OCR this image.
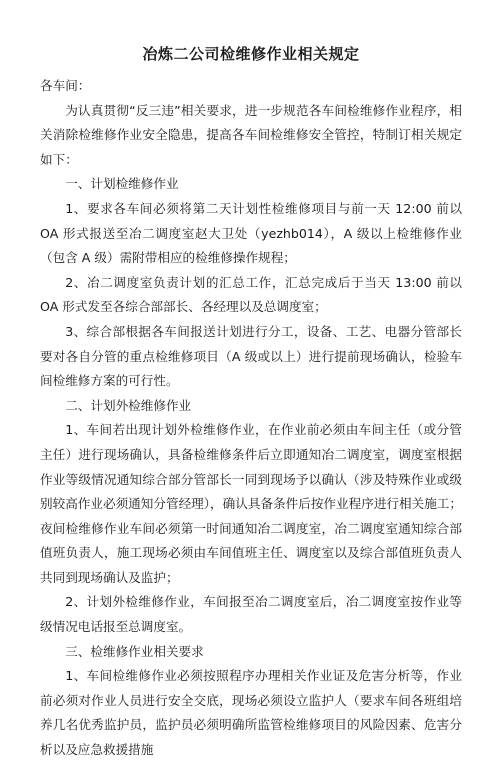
冶炼二公司检维修作业相关规定

各车间：

为认真贯彻“反三违”相关要求，进一步规范各车间检维修作业程序，相关消除检维修作业安全隐患，提高各车间检维修安全管控，特制订相关规定如下：

一、计划检维修作业

1、要求各车间必须将第二天计划性检维修项目与前一天 12:00 前以 OA 形式报送至冶二调度室赵大卫处（yezhb014），A 级以上检维修作业（包含 A 级）需附带相应的检维修操作规程；

2、冶二调度室负责计划的汇总工作，汇总完成后于当天 13:00 前以 OA 形式发至各综合部部长、各经理以及总调度室；

3、综合部根据各车间报送计划进行分工，设备、工艺、电器分管部长要对各自分管的重点检维修项目（A 级或以上）进行提前现场确认，检验车间检维修方案的可行性。

二、计划外检维修作业

1、车间若出现计划外检维修作业，在作业前必须由车间主任（或分管主任）进行现场确认，具备检维修条件后立即通知冶二调度室，调度室根据作业等级情况通知综合部分管部长一同到现场予以确认（涉及特殊作业或级别较高作业必须通知分管经理），确认具备条件后按作业程序进行相关施工；夜间检维修作业车间必须第一时间通知冶二调度室，冶二调度室通知综合部值班负责人，施工现场必须由车间值班主任、调度室以及综合部值班负责人共同到现场确认及监护；

2、计划外检维修作业，车间报至冶二调度室后，冶二调度室按作业等级情况电话报至总调度室。

三、检维修作业相关要求

1、车间检维修作业必须按照程序办理相关作业证及危害分析等，作业前必须对作业人员进行安全交底，现场必须设立监护人（要求车间各班组培养几名优秀监护员，监护员必须明确所监管检维修项目的风险因素、危害分析以及应急救援措施
